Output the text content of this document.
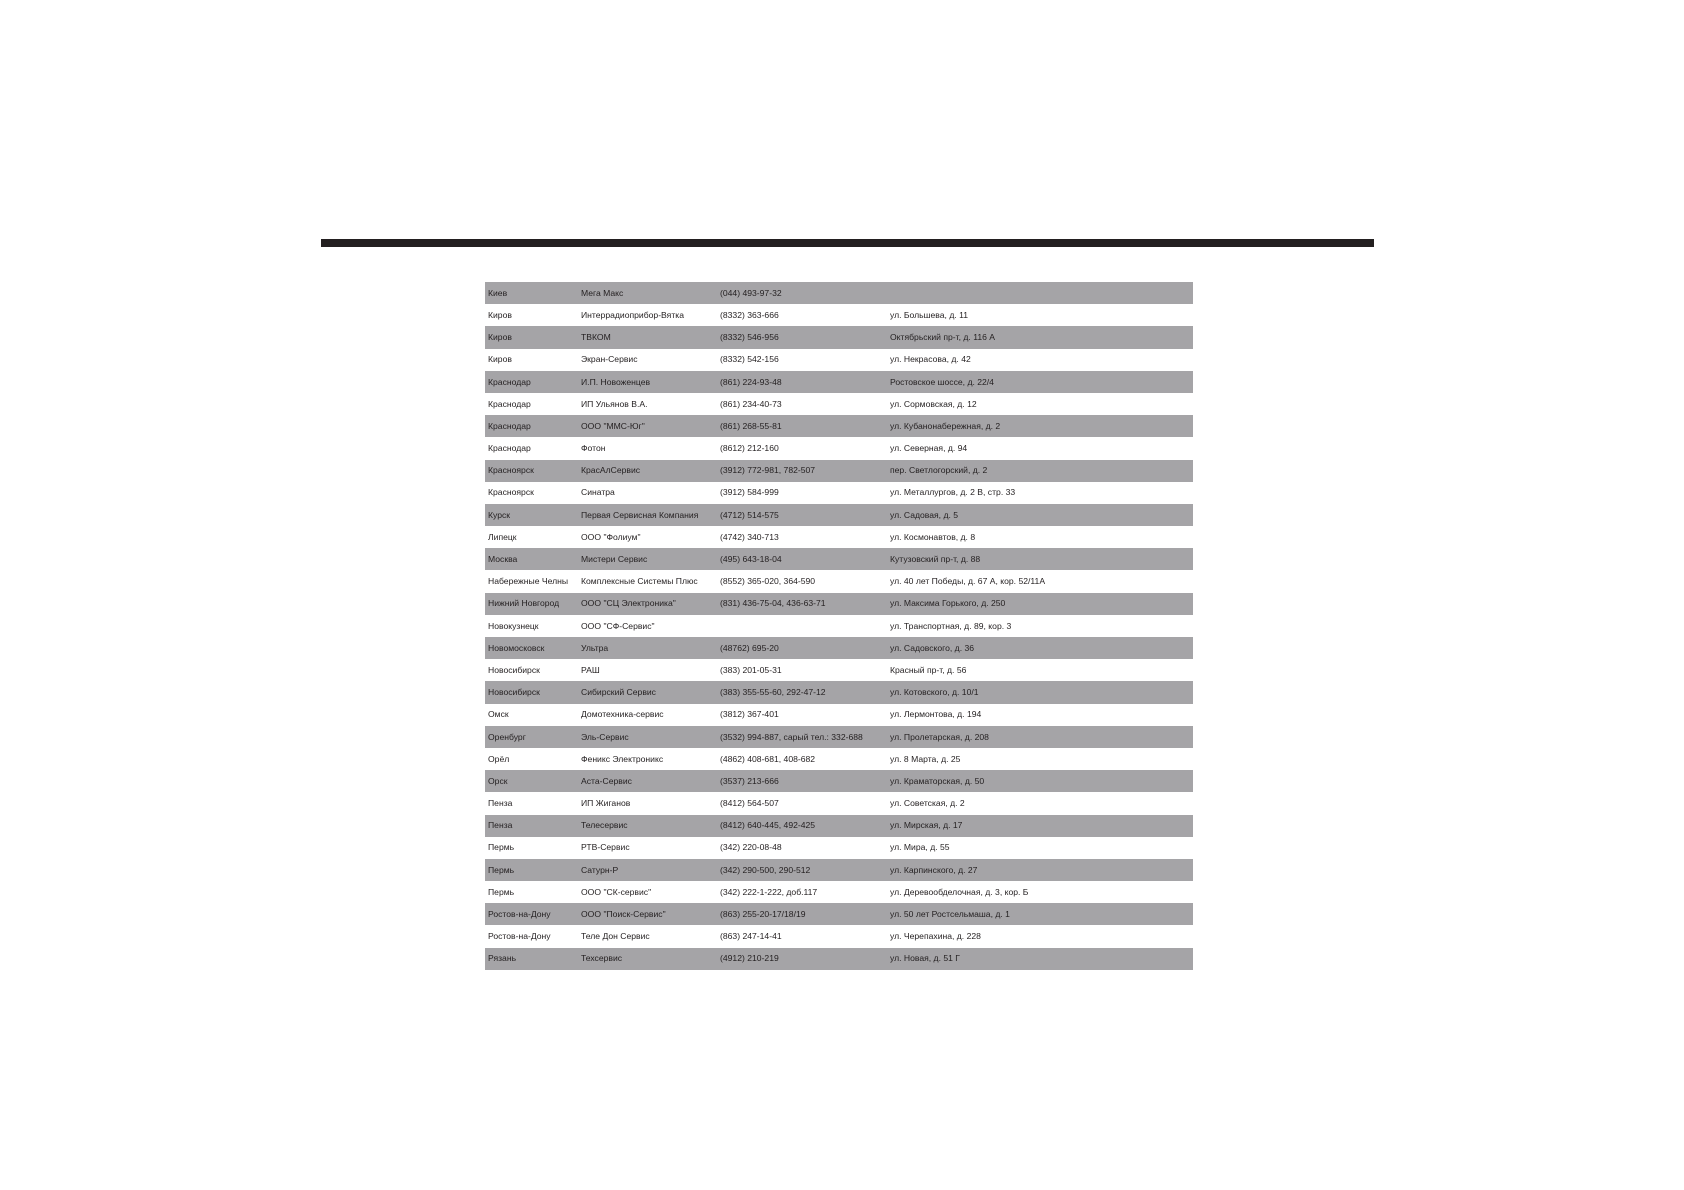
Киев	Мега Макс	(044) 493-97-32	
Киров	Интеррадиоприбор-Вятка	(8332) 363-666	ул. Большева, д. 11
Киров	ТВКОМ	(8332) 546-956	Октябрьский пр-т, д. 116 А
Киров	Экран-Сервис	(8332) 542-156	ул. Некрасова, д. 42
Краснодар	И.П. Новоженцев	(861) 224-93-48	Ростовское шоссе, д. 22/4
Краснодар	ИП Ульянов В.А.	(861) 234-40-73	ул. Сормовская, д. 12
Краснодар	ООО "ММС-Юг"	(861) 268-55-81	ул. Кубанонабережная, д. 2
Краснодар	Фотон	(8612) 212-160	ул. Северная, д. 94
Красноярск	КрасАлСервис	(3912) 772-981, 782-507	пер. Светлогорский, д. 2
Красноярск	Синатра	(3912) 584-999	ул. Металлургов, д. 2 В, стр. 33
Курск	Первая Сервисная Компания	(4712) 514-575	ул. Садовая, д. 5
Липецк	ООО "Фолиум"	(4742) 340-713	ул. Космонавтов, д. 8
Москва	Мистери Сервис	(495) 643-18-04	Кутузовский пр-т, д. 88
Набережные Челны	Комплексные Системы Плюс	(8552) 365-020, 364-590	ул. 40 лет Победы, д. 67 А, кор. 52/11А
Нижний Новгород	ООО "СЦ Электроника"	(831) 436-75-04, 436-63-71	ул. Максима Горького, д. 250
Новокузнецк	ООО "СФ-Сервис"		ул. Транспортная, д. 89, кор. 3
Новомосковск	Ультра	(48762) 695-20	ул. Садовского, д. 36
Новосибирск	РАШ	(383) 201-05-31	Красный пр-т, д. 56
Новосибирск	Сибирский Сервис	(383) 355-55-60, 292-47-12	ул. Котовского, д. 10/1
Омск	Домотехника-сервис	(3812) 367-401	ул. Лермонтова, д. 194
Оренбург	Эль-Сервис	(3532) 994-887, сарый тел.: 332-688	ул. Пролетарская, д. 208
Орёл	Феникс Электроникс	(4862) 408-681, 408-682	ул. 8 Марта, д. 25
Орск	Аста-Сервис	(3537) 213-666	ул. Краматорская, д. 50
Пенза	ИП Жиганов	(8412) 564-507	ул. Советская, д. 2
Пенза	Телесервис	(8412) 640-445, 492-425	ул. Мирская, д. 17
Пермь	РТВ-Сервис	(342) 220-08-48	ул. Мира, д. 55
Пермь	Сатурн-Р	(342) 290-500, 290-512	ул. Карпинского, д. 27
Пермь	ООО "СК-сервис"	(342) 222-1-222, доб.117	ул. Деревообделочная, д. 3, кор. Б
Ростов-на-Дону	ООО "Поиск-Сервис"	(863) 255-20-17/18/19	ул. 50 лет Ростсельмаша, д. 1
Ростов-на-Дону	Теле Дон Сервис	(863) 247-14-41	ул. Черепахина, д. 228
Рязань	Техсервис	(4912) 210-219	ул. Новая, д. 51 Г
